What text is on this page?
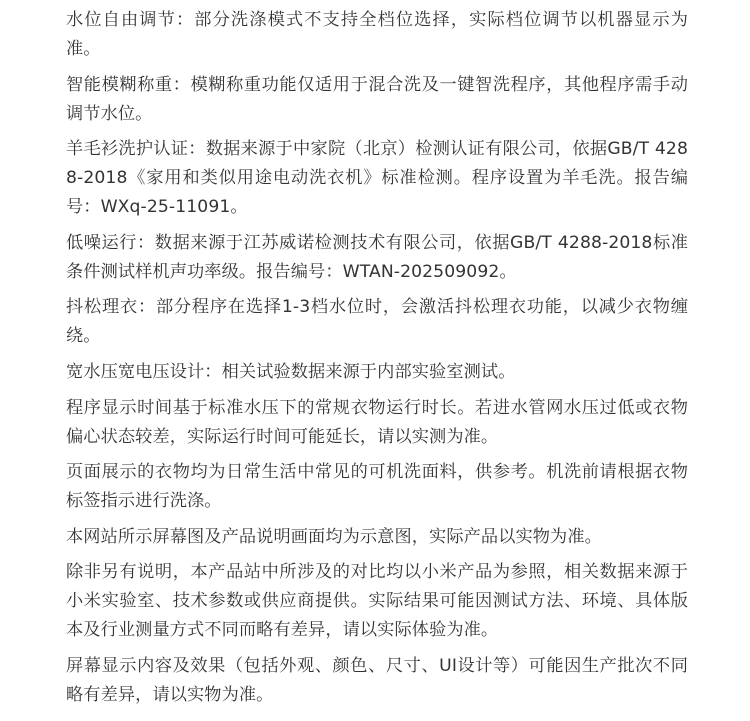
水位自由调节：部分洗涤模式不支持全档位选择，实际档位调节以机器显示为准。

智能模糊称重：模糊称重功能仅适用于混合洗及一键智洗程序，其他程序需手动调节水位。

羊毛衫洗护认证：数据来源于中家院（北京）检测认证有限公司，依据GB/T 4288-2018《家用和类似用途电动洗衣机》标准检测。程序设置为羊毛洗。报告编号：WXq-25-11091。

低噪运行：数据来源于江苏威诺检测技术有限公司，依据GB/T 4288-2018标准条件测试样机声功率级。报告编号：WTAN-202509092。

抖松理衣：部分程序在选择1-3档水位时，会激活抖松理衣功能，以减少衣物缠绕。

宽水压宽电压设计：相关试验数据来源于内部实验室测试。

程序显示时间基于标准水压下的常规衣物运行时长。若进水管网水压过低或衣物偏心状态较差，实际运行时间可能延长，请以实测为准。

页面展示的衣物均为日常生活中常见的可机洗面料，供参考。机洗前请根据衣物标签指示进行洗涤。

本网站所示屏幕图及产品说明画面均为示意图，实际产品以实物为准。

除非另有说明，本产品站中所涉及的对比均以小米产品为参照，相关数据来源于小米实验室、技术参数或供应商提供。实际结果可能因测试方法、环境、具体版本及行业测量方式不同而略有差异，请以实际体验为准。

屏幕显示内容及效果（包括外观、颜色、尺寸、UI设计等）可能因生产批次不同略有差异，请以实物为准。
